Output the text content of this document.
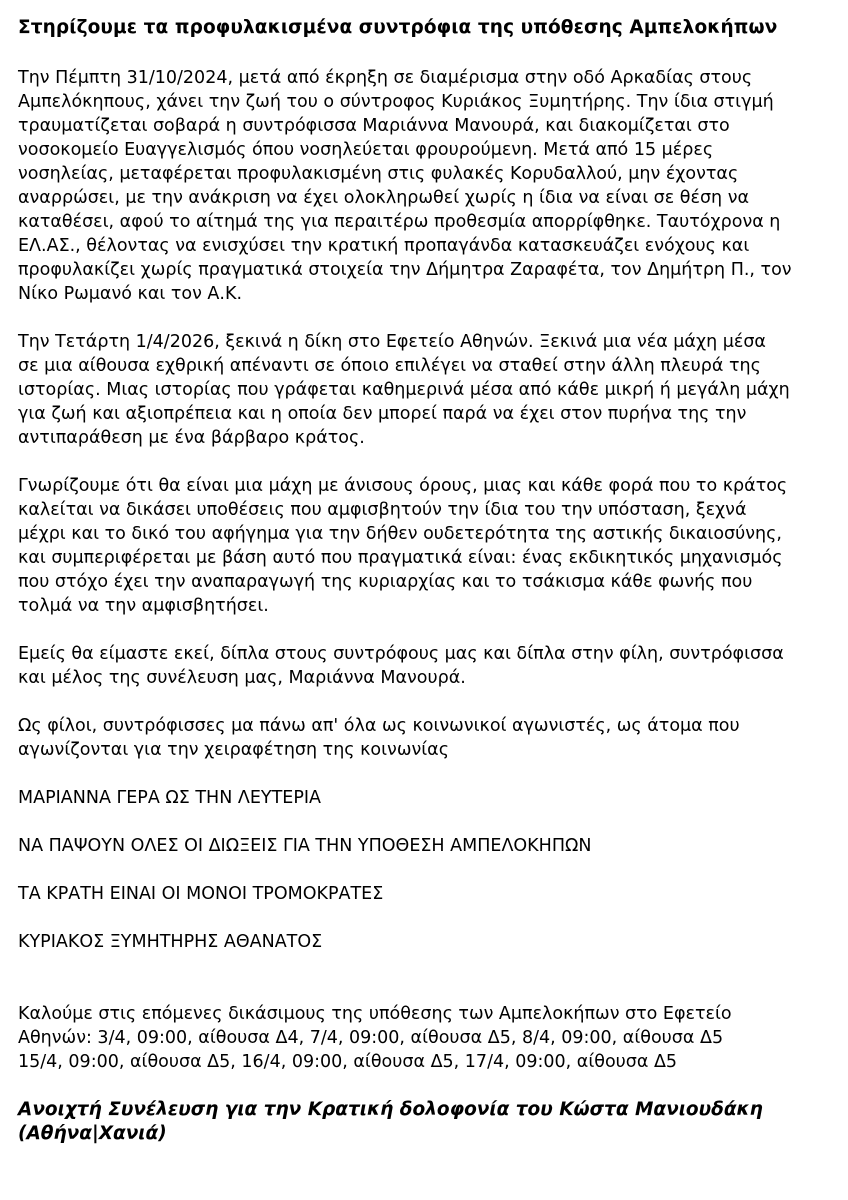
Στηρίζουμε τα προφυλακισμένα συντρόφια της υπόθεσης Αμπελοκήπων

Την Πέμπτη 31/10/2024, μετά από έκρηξη σε διαμέρισμα στην οδό Αρκαδίας στους
Αμπελόκηπους, χάνει την ζωή του ο σύντροφος Κυριάκος Ξυμητήρης. Την ίδια στιγμή
τραυματίζεται σοβαρά η συντρόφισσα Μαριάννα Μανουρά, και διακομίζεται στο
νοσοκομείο Ευαγγελισμός όπου νοσηλεύεται φρουρούμενη. Μετά από 15 μέρες
νοσηλείας, μεταφέρεται προφυλακισμένη στις φυλακές Κορυδαλλού, μην έχοντας
αναρρώσει, με την ανάκριση να έχει ολοκληρωθεί χωρίς η ίδια να είναι σε θέση να
καταθέσει, αφού το αίτημά της για περαιτέρω προθεσμία απορρίφθηκε. Ταυτόχρονα η
ΕΛ.ΑΣ., θέλοντας να ενισχύσει την κρατική προπαγάνδα κατασκευάζει ενόχους και
προφυλακίζει χωρίς πραγματικά στοιχεία την Δήμητρα Ζαραφέτα, τον Δημήτρη Π., τον
Νίκο Ρωμανό και τον Α.Κ.

Την Τετάρτη 1/4/2026, ξεκινά η δίκη στο Εφετείο Αθηνών. Ξεκινά μια νέα μάχη μέσα
σε μια αίθουσα εχθρική απέναντι σε όποιο επιλέγει να σταθεί στην άλλη πλευρά της
ιστορίας. Μιας ιστορίας που γράφεται καθημερινά μέσα από κάθε μικρή ή μεγάλη μάχη
για ζωή και αξιοπρέπεια και η οποία δεν μπορεί παρά να έχει στον πυρήνα της την
αντιπαράθεση με ένα βάρβαρο κράτος.

Γνωρίζουμε ότι θα είναι μια μάχη με άνισους όρους, μιας και κάθε φορά που το κράτος
καλείται να δικάσει υποθέσεις που αμφισβητούν την ίδια του την υπόσταση, ξεχνά
μέχρι και το δικό του αφήγημα για την δήθεν ουδετερότητα της αστικής δικαιοσύνης,
και συμπεριφέρεται με βάση αυτό που πραγματικά είναι: ένας εκδικητικός μηχανισμός
που στόχο έχει την αναπαραγωγή της κυριαρχίας και το τσάκισμα κάθε φωνής που
τολμά να την αμφισβητήσει.

Εμείς θα είμαστε εκεί, δίπλα στους συντρόφους μας και δίπλα στην φίλη, συντρόφισσα
και μέλος της συνέλευση μας, Μαριάννα Μανουρά.

Ως φίλοι, συντρόφισσες μα πάνω απ' όλα ως κοινωνικοί αγωνιστές, ως άτομα που
αγωνίζονται για την χειραφέτηση της κοινωνίας

ΜΑΡΙΑΝΝΑ ΓΕΡΑ ΩΣ ΤΗΝ ΛΕΥΤΕΡΙΑ

ΝΑ ΠΑΨΟΥΝ ΟΛΕΣ ΟΙ ΔΙΩΞΕΙΣ ΓΙΑ ΤΗΝ ΥΠΟΘΕΣΗ ΑΜΠΕΛΟΚΗΠΩΝ

ΤΑ ΚΡΑΤΗ ΕΙΝΑΙ ΟΙ ΜΟΝΟΙ ΤΡΟΜΟΚΡΑΤΕΣ

ΚΥΡΙΑΚΟΣ ΞΥΜΗΤΗΡΗΣ ΑΘΑΝΑΤΟΣ

Καλούμε στις επόμενες δικάσιμους της υπόθεσης των Αμπελοκήπων στο Εφετείο
Αθηνών: 3/4, 09:00, αίθουσα Δ4, 7/4, 09:00, αίθουσα Δ5, 8/4, 09:00, αίθουσα Δ5
15/4, 09:00, αίθουσα Δ5, 16/4, 09:00, αίθουσα Δ5, 17/4, 09:00, αίθουσα Δ5

Ανοιχτή Συνέλευση για την Κρατική δολοφονία του Κώστα Μανιουδάκη
(Αθήνα|Χανιά)
